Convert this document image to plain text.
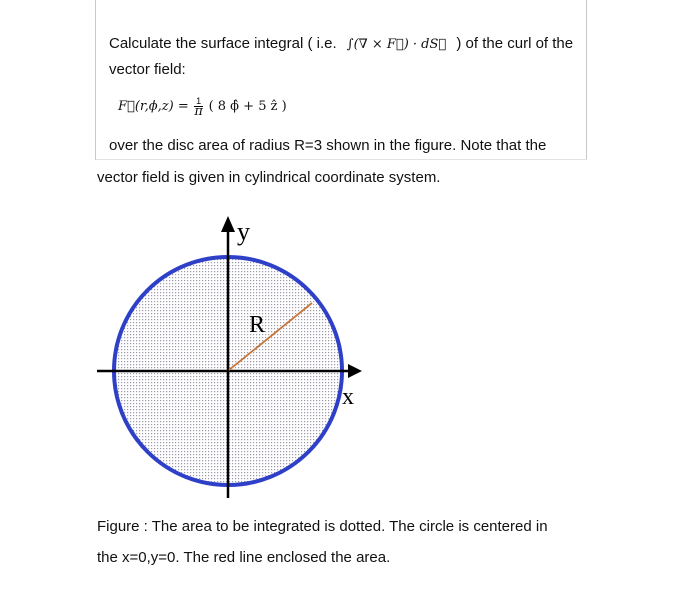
Calculate the surface integral ( i.e. ∫(∇ × F⃗) · dS⃗ ) of the curl of the
vector field:
F⃗(r,ϕ,z) = $\frac{1}{\pi}$ ( 8 ϕ̂ + 5 ẑ )
over the disc area of radius R=3 shown in the figure. Note that the
vector field is given in cylindrical coordinate system.
y
x
R
Figure : The area to be integrated is dotted. The circle is centered in
the x=0,y=0. The red line enclosed the area.
